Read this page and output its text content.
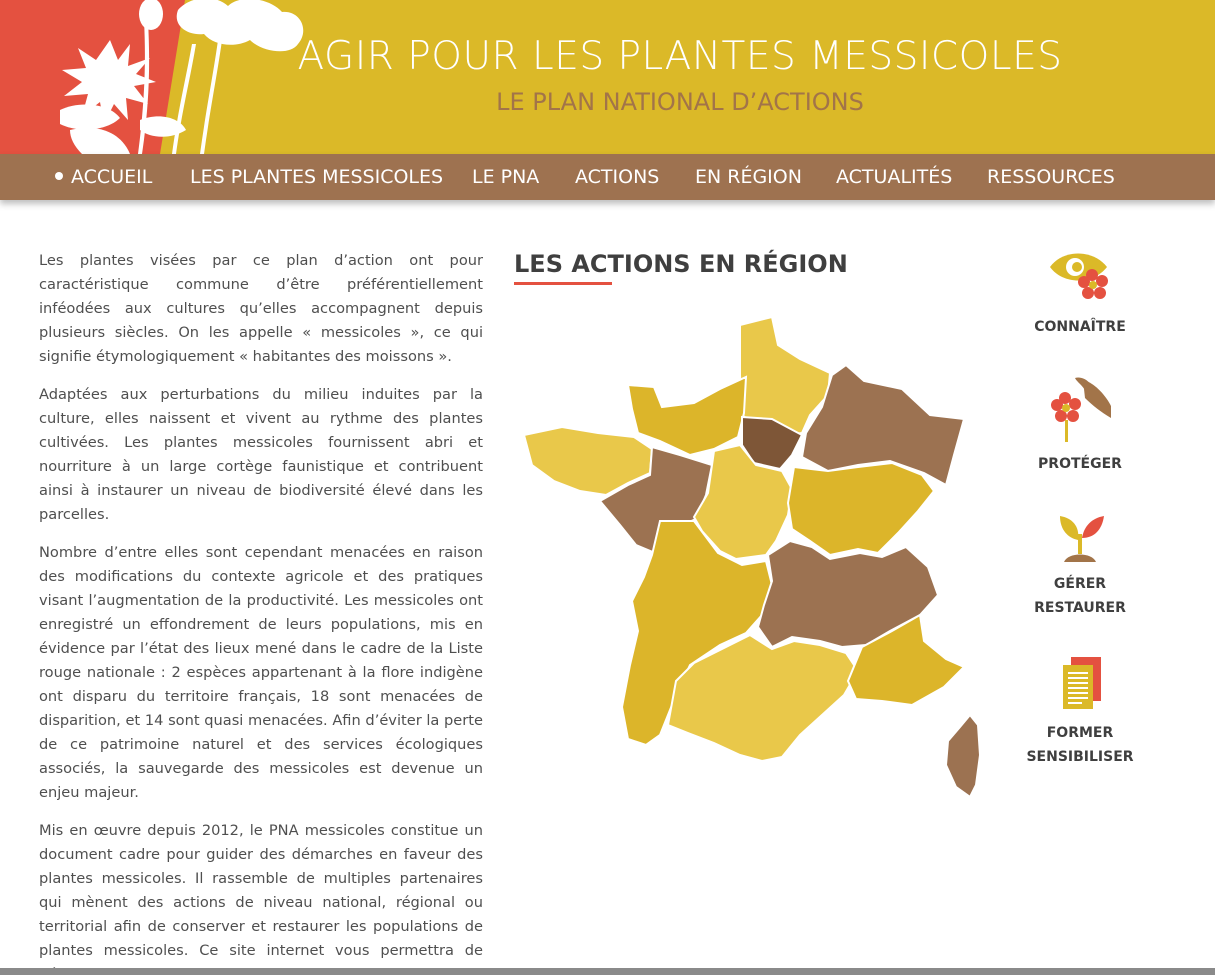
AGIR POUR LES PLANTES MESSICOLES
LE PLAN NATIONAL D’ACTIONS
ACCUEIL LES PLANTES MESSICOLES LE PNA ACTIONS EN RÉGION ACTUALITÉS RESSOURCES

Les plantes visées par ce plan d’action ont pour caractéristique commune d’être préférentiellement inféodées aux cultures qu’elles accompagnent depuis plusieurs siècles. On les appelle « messicoles », ce qui signifie étymologiquement « habitantes des moissons ».

Adaptées aux perturbations du milieu induites par la culture, elles naissent et vivent au rythme des plantes cultivées. Les plantes messicoles fournissent abri et nourriture à un large cortège faunistique et contribuent ainsi à instaurer un niveau de biodiversité élevé dans les parcelles.

Nombre d’entre elles sont cependant menacées en raison des modifications du contexte agricole et des pratiques visant l’augmentation de la productivité. Les messicoles ont enregistré un effondrement de leurs populations, mis en évidence par l’état des lieux mené dans le cadre de la Liste rouge nationale : 2 espèces appartenant à la flore indigène ont disparu du territoire français, 18 sont menacées de disparition, et 14 sont quasi menacées. Afin d’éviter la perte de ce patrimoine naturel et des services écologiques associés, la sauvegarde des messicoles est devenue un enjeu majeur.

Mis en œuvre depuis 2012, le PNA messicoles constitue un document cadre pour guider des démarches en faveur des plantes messicoles. Il rassemble de multiples partenaires qui mènent des actions de niveau national, régional ou territorial afin de conserver et restaurer les populations de plantes messicoles. Ce site internet vous permettra de

LES ACTIONS EN RÉGION
CONNAÎTRE
PROTÉGER
GÉRER
RESTAURER
FORMER
SENSIBILISER
